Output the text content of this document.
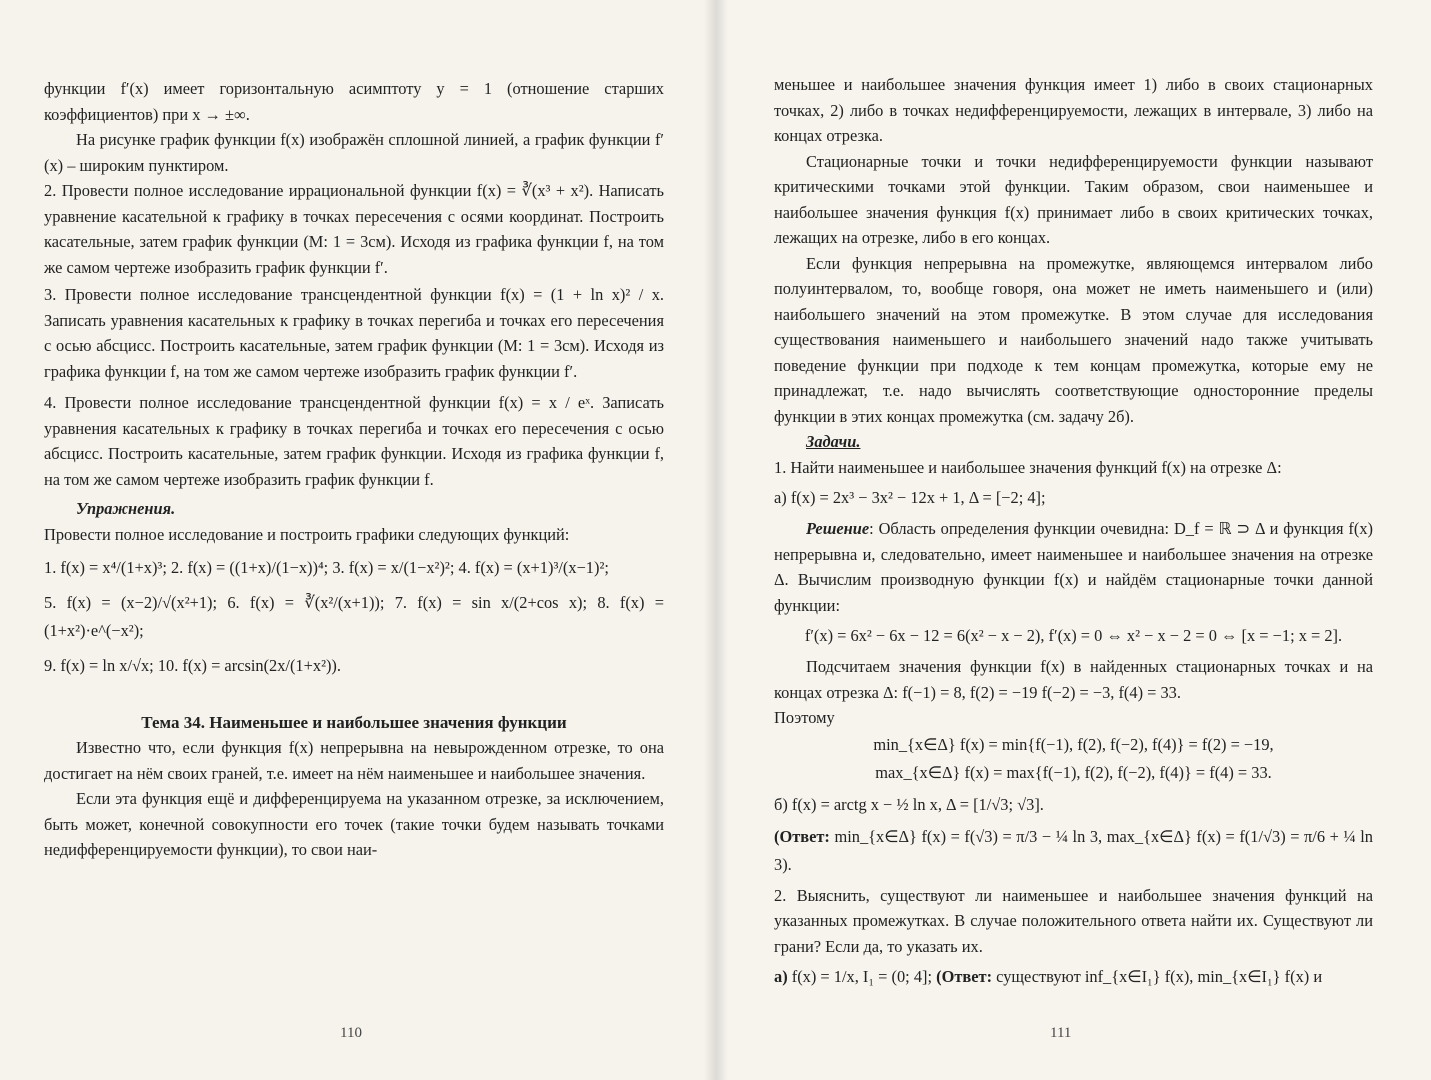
функции f′(x) имеет горизонтальную асимптоту y = 1 (отношение старших коэффициентов) при x → ±∞.

На рисунке график функции f(x) изображён сплошной линией, а график функции f′(x) – широким пунктиром.

2. Провести полное исследование иррациональной функции f(x) = ∛(x³ + x²). Написать уравнение касательной к графику в точках пересечения с осями координат. Построить касательные, затем график функции (M: 1 = 3см). Исходя из графика функции f, на том же самом чертеже изобразить график функции f′.

3. Провести полное исследование трансцендентной функции f(x) = (1 + ln x)² / x. Записать уравнения касательных к графику в точках перегиба и точках его пересечения с осью абсцисс. Построить касательные, затем график функции (M: 1 = 3см). Исходя из графика функции f, на том же самом чертеже изобразить график функции f′.

4. Провести полное исследование трансцендентной функции f(x) = x / eˣ. Записать уравнения касательных к графику в точках перегиба и точках его пересечения с осью абсцисс. Построить касательные, затем график функции. Исходя из графика функции f, на том же самом чертеже изобразить график функции f.

Упражнения.

Провести полное исследование и построить графики следующих функций:

1. f(x) = x⁴/(1+x)³; 2. f(x) = ((1+x)/(1−x))⁴; 3. f(x) = x/(1−x²)²; 4. f(x) = (x+1)³/(x−1)²;

5. f(x) = (x−2)/√(x²+1); 6. f(x) = ∛(x²/(x+1)); 7. f(x) = sin x/(2+cos x); 8. f(x) = (1+x²)·e^(−x²);

9. f(x) = ln x/√x; 10. f(x) = arcsin(2x/(1+x²)).

Тема 34. Наименьшее и наибольшее значения функции

Известно что, если функция f(x) непрерывна на невырожденном отрезке, то она достигает на нём своих граней, т.е. имеет на нём наименьшее и наибольшее значения.

Если эта функция ещё и дифференцируема на указанном отрезке, за исключением, быть может, конечной совокупности его точек (такие точки будем называть точками недифференцируемости функции), то свои наи-

меньшее и наибольшее значения функция имеет 1) либо в своих стационарных точках, 2) либо в точках недифференцируемости, лежащих в интервале, 3) либо на концах отрезка.

Стационарные точки и точки недифференцируемости функции называют критическими точками этой функции. Таким образом, свои наименьшее и наибольшее значения функция f(x) принимает либо в своих критических точках, лежащих на отрезке, либо в его концах.

Если функция непрерывна на промежутке, являющемся интервалом либо полуинтервалом, то, вообще говоря, она может не иметь наименьшего и (или) наибольшего значений на этом промежутке. В этом случае для исследования существования наименьшего и наибольшего значений надо также учитывать поведение функции при подходе к тем концам промежутка, которые ему не принадлежат, т.е. надо вычислять соответствующие односторонние пределы функции в этих концах промежутка (см. задачу 2б).

Задачи.

1. Найти наименьшее и наибольшее значения функций f(x) на отрезке Δ:

а) f(x) = 2x³ − 3x² − 12x + 1, Δ = [−2; 4];

Решение: Область определения функции очевидна: D_f = ℝ ⊃ Δ и функция f(x) непрерывна и, следовательно, имеет наименьшее и наибольшее значения на отрезке Δ. Вычислим производную функции f(x) и найдём стационарные точки данной функции:

f′(x) = 6x² − 6x − 12 = 6(x² − x − 2), f′(x) = 0 ⇔ x² − x − 2 = 0 ⇔ [x = −1; x = 2].

Подсчитаем значения функции f(x) в найденных стационарных точках и на концах отрезка Δ: f(−1) = 8, f(2) = −19 f(−2) = −3, f(4) = 33.

Поэтому

min_{x∈Δ} f(x) = min{f(−1), f(2), f(−2), f(4)} = f(2) = −19,

max_{x∈Δ} f(x) = max{f(−1), f(2), f(−2), f(4)} = f(4) = 33.

б) f(x) = arctg x − ½ ln x, Δ = [1/√3; √3].

(Ответ: min_{x∈Δ} f(x) = f(√3) = π/3 − ¼ ln 3, max_{x∈Δ} f(x) = f(1/√3) = π/6 + ¼ ln 3).

2. Выяснить, существуют ли наименьшее и наибольшее значения функций на указанных промежутках. В случае положительного ответа найти их. Существуют ли грани? Если да, то указать их.

а) f(x) = 1/x, I₁ = (0; 4]; (Ответ: существуют inf_{x∈I₁} f(x), min_{x∈I₁} f(x) и

110	111
